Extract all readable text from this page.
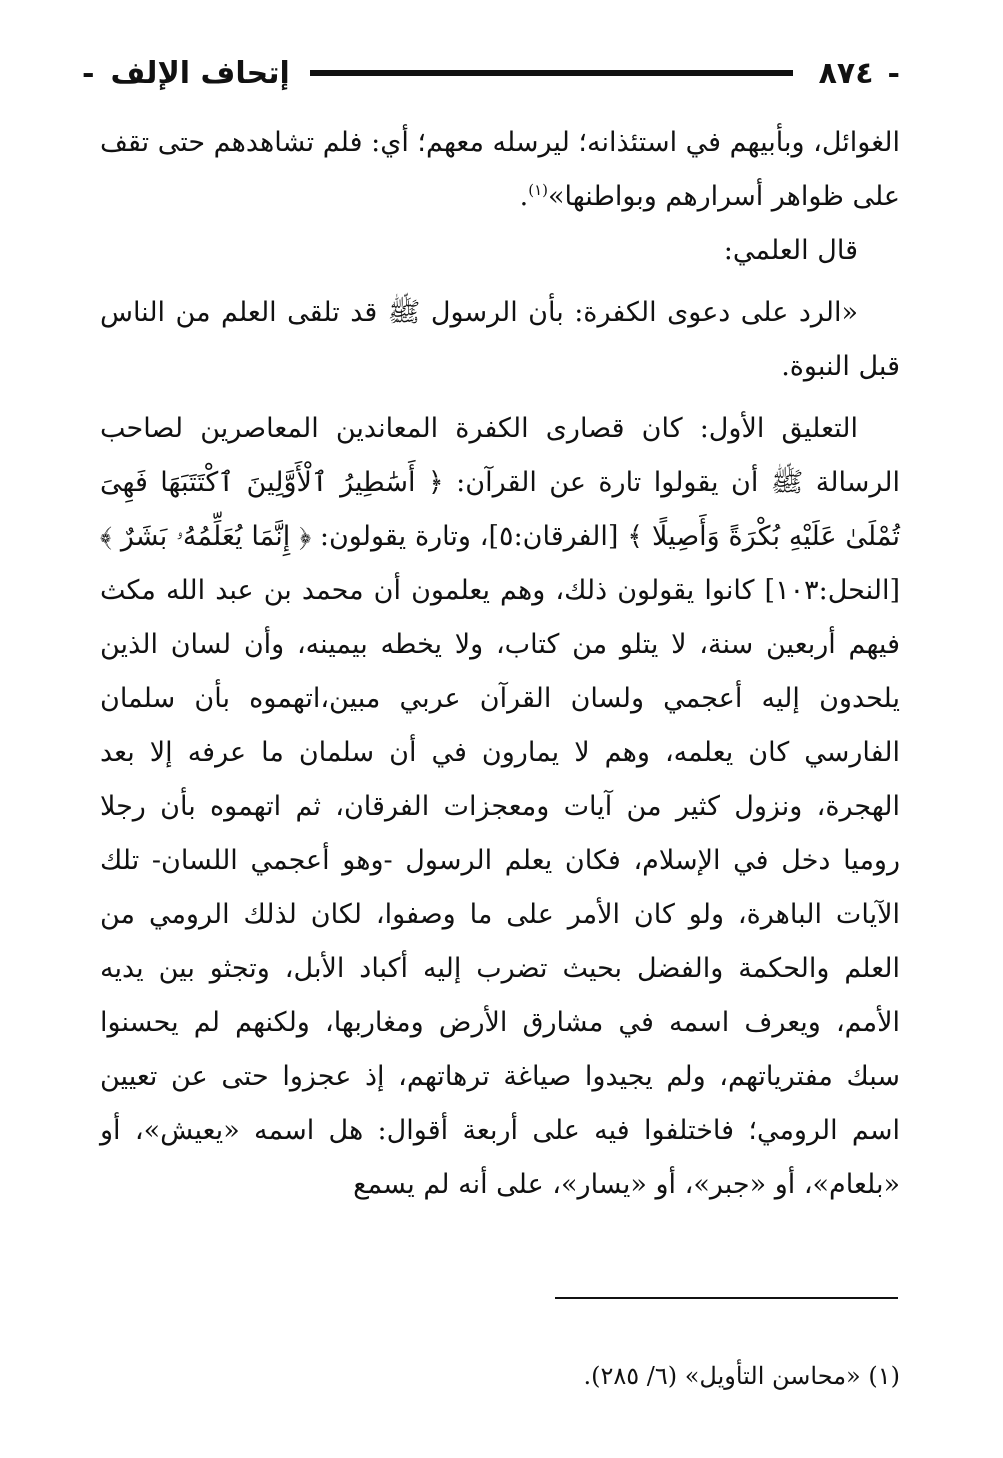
-
٨٧٤
إتحاف الإلف
-

الغوائل، وبأبيهم في استئذانه؛ ليرسله معهم؛ أي: فلم تشاهدهم حتى تقف على ظواهر أسرارهم وبواطنها»$^{(١)}$.

قال العلمي:

«الرد على دعوى الكفرة: بأن الرسول ﷺ قد تلقى العلم من الناس قبل النبوة.

التعليق الأول: كان قصارى الكفرة المعاندين المعاصرين لصاحب الرسالة ﷺ أن يقولوا تارة عن القرآن: ﴿ أَسَٰطِيرُ ٱلْأَوَّلِينَ ٱكْتَتَبَهَا فَهِىَ تُمْلَىٰ عَلَيْهِ بُكْرَةً وَأَصِيلًا ﴾ [الفرقان:٥]، وتارة يقولون: ﴿ إِنَّمَا يُعَلِّمُهُۥ بَشَرٌ ﴾ [النحل:١٠٣] كانوا يقولون ذلك، وهم يعلمون أن محمد بن عبد الله مكث فيهم أربعين سنة، لا يتلو من كتاب، ولا يخطه بيمينه، وأن لسان الذين يلحدون إليه أعجمي ولسان القرآن عربي مبين،اتهموه بأن سلمان الفارسي كان يعلمه، وهم لا يمارون في أن سلمان ما عرفه إلا بعد الهجرة، ونزول كثير من آيات ومعجزات الفرقان، ثم اتهموه بأن رجلا روميا دخل في الإسلام، فكان يعلم الرسول -وهو أعجمي اللسان- تلك الآيات الباهرة، ولو كان الأمر على ما وصفوا، لكان لذلك الرومي من العلم والحكمة والفضل بحيث تضرب إليه أكباد الأبل، وتجثو بين يديه الأمم، ويعرف اسمه في مشارق الأرض ومغاربها، ولكنهم لم يحسنوا سبك مفترياتهم، ولم يجيدوا صياغة ترهاتهم، إذ عجزوا حتى عن تعيين اسم الرومي؛ فاختلفوا فيه على أربعة أقوال: هل اسمه «يعيش»، أو «بلعام»، أو «جبر»، أو «يسار»، على أنه لم يسمع

(١) «محاسن التأويل» (٦/ ٢٨٥).
